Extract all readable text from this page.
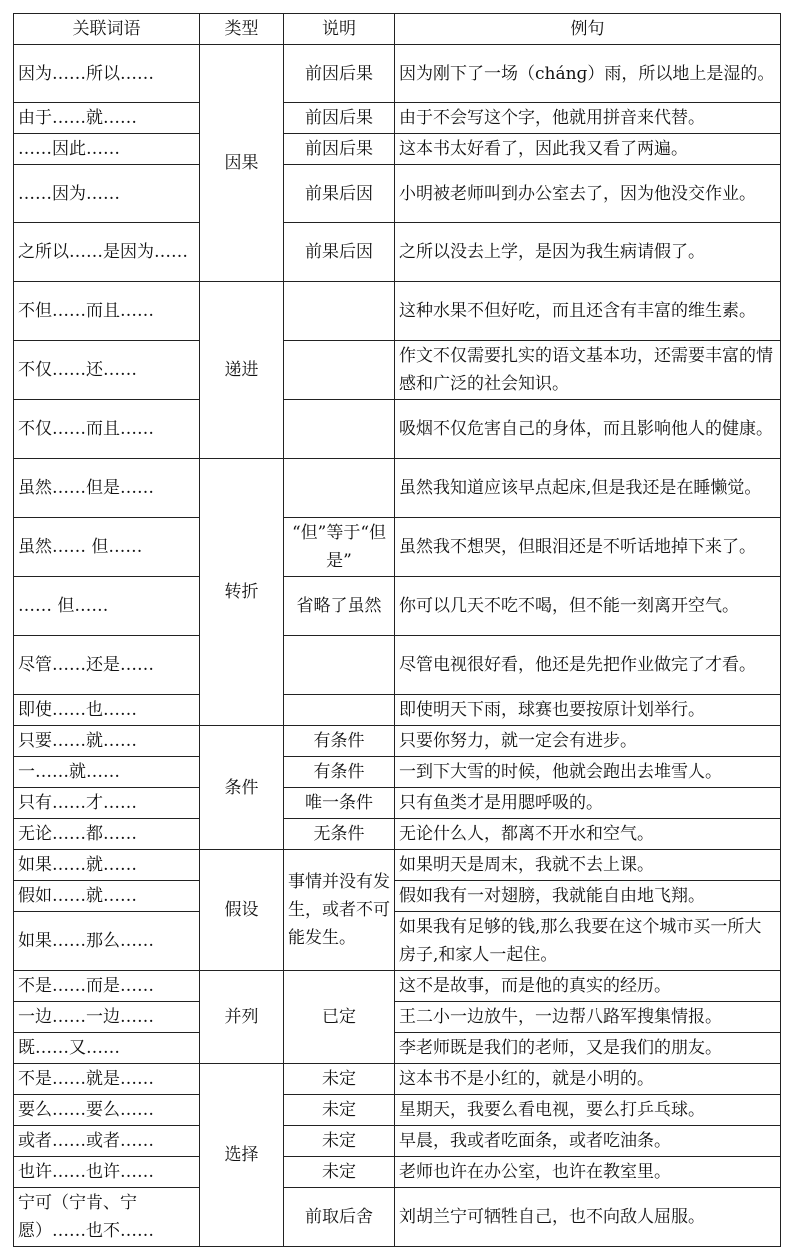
关联词语	类型	说明	例句
因为……所以……	因果	前因后果	因为刚下了一场（chánɡ）雨，所以地上是湿的。
由于……就……		前因后果	由于不会写这个字，他就用拼音来代替。
……因此……		前因后果	这本书太好看了，因此我又看了两遍。
……因为……		前果后因	小明被老师叫到办公室去了，因为他没交作业。
之所以……是因为……		前果后因	之所以没去上学，是因为我生病请假了。
不但……而且……	递进		这种水果不但好吃，而且还含有丰富的维生素。
不仅……还……			作文不仅需要扎实的语文基本功，还需要丰富的情感和广泛的社会知识。
不仅……而且……			吸烟不仅危害自己的身体，而且影响他人的健康。
虽然……但是……	转折		虽然我知道应该早点起床,但是我还是在睡懒觉。
虽然…… 但……		“但”等于“但是”	虽然我不想哭，但眼泪还是不听话地掉下来了。
…… 但……		省略了虽然	你可以几天不吃不喝，但不能一刻离开空气。
尽管……还是……			尽管电视很好看，他还是先把作业做完了才看。
即使……也……			即使明天下雨，球赛也要按原计划举行。
只要……就……	条件	有条件	只要你努力，就一定会有进步。
一……就……		有条件	一到下大雪的时候，他就会跑出去堆雪人。
只有……才……		唯一条件	只有鱼类才是用腮呼吸的。
无论……都……		无条件	无论什么人，都离不开水和空气。
如果……就……	假设	事情并没有发生，或者不可能发生。	如果明天是周末，我就不去上课。
假如……就……			假如我有一对翅膀，我就能自由地飞翔。
如果……那么……			如果我有足够的钱,那么我要在这个城市买一所大房子,和家人一起住。
不是……而是……	并列	已定	这不是故事，而是他的真实的经历。
一边……一边……			王二小一边放牛，一边帮八路军搜集情报。
既……又……			李老师既是我们的老师，又是我们的朋友。
不是……就是……	选择	未定	这本书不是小红的，就是小明的。
要么……要么……		未定	星期天，我要么看电视，要么打乒乓球。
或者……或者……		未定	早晨，我或者吃面条，或者吃油条。
也许……也许……		未定	老师也许在办公室，也许在教室里。
宁可（宁肯、宁愿）……也不……		前取后舍	刘胡兰宁可牺牲自己，也不向敌人屈服。
